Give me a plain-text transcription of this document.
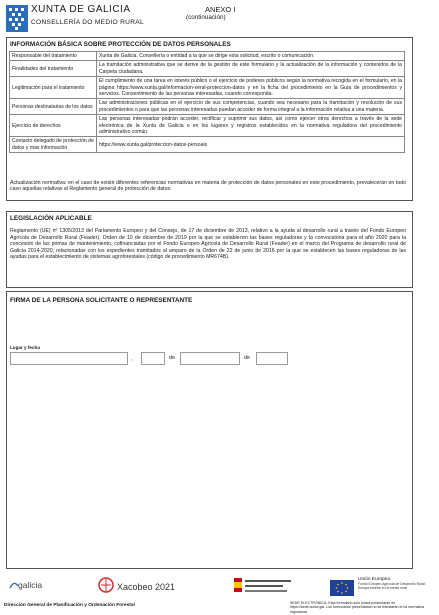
XUNTA DE GALICIA
CONSELLERÍA DO MEDIO RURAL
ANEXO I
(continuación)
INFORMACIÓN BÁSICA SOBRE PROTECCIÓN DE DATOS PERSONALES
Responsable del tratamiento	Xunta de Galicia. Consellería o entidad a la que se dirige esta solicitud, escrito o comunicación.
Finalidades del tratamiento	La tramitación administrativa que se derive de la gestión de este formulario y la actualización de la información y contenidos de la Carpeta ciudadana.
Legitimación para el tratamiento	El cumplimiento de una tarea en interés público o el ejercicio de poderes públicos según la normativa recogida en el formulario, en la página https://www.xunta.gal/informacion-xeral-proteccion-datos y en la ficha del procedimiento en la Guía de procedimientos y servicios. Consentimiento de las personas interesadas, cuando corresponda.
Personas destinatarias de los datos	Las administraciones públicas en el ejercicio de sus competencias, cuando sea necesario para la tramitación y resolución de sus procedimientos o para que las personas interesadas puedan acceder de forma integral a la información relativa a una materia.
Ejercicio de derechos	Las personas interesadas podrán acceder, rectificar y suprimir sus datos, así como ejercer otros derechos a través de la sede electrónica de la Xunta de Galicia o en los lugares y registros establecidos en la normativa reguladora del procedimiento administrativo común.
Contacto delegado de protección de datos y más información	https://www.xunta.gal/proteccion-datos-persoais
Actualización normativa: en el caso de existir diferentes referencias normativas en materia de protección de datos personales en este procedimiento, prevalecerán en todo caso aquellas relativas al Reglamento general de protección de datos.
LEGISLACIÓN APLICABLE
Reglamento (UE) nº 1305/2013 del Parlamento Europeo y del Consejo, de 17 de diciembre de 2013, relativo a la ayuda al desarrollo rural a través del Fondo Europeo Agrícola de Desarrollo Rural (Feader). Orden de 10 de diciembre de 2019 por la que se establecen las bases reguladoras y la convocatoria para el año 2020 para la concesión de las primas de mantenimiento, cofinanciadas por el Fondo Europeo Agrícola de Desarrollo Rural (Feader) en el marco del Programa de desarrollo rural de Galicia 2014-2020, relacionadas con los expedientes tramitados al amparo de la Orden de 22 de junio de 2016 por la que se establecen las bases reguladoras de las ayudas para el establecimiento de sistemas agroforestales (código de procedimiento MR674B).
FIRMA DE LA PERSONA SOLICITANTE O REPRESENTANTE
Lugar y fecha
,	de	de
galicia	Xacobeo 2021
Unión Europea
Fondo Europeo Agrícola de Desarrollo Rural: Europa invierte en el medio rural
Dirección General de Planificación y Ordenación Forestal	SEDE ELECTRÓNICA: Esta formulario solo podrá presentarse en https://sede.xunta.gal. Los formularios presentados no se tramitarán en la normativa reguladora
